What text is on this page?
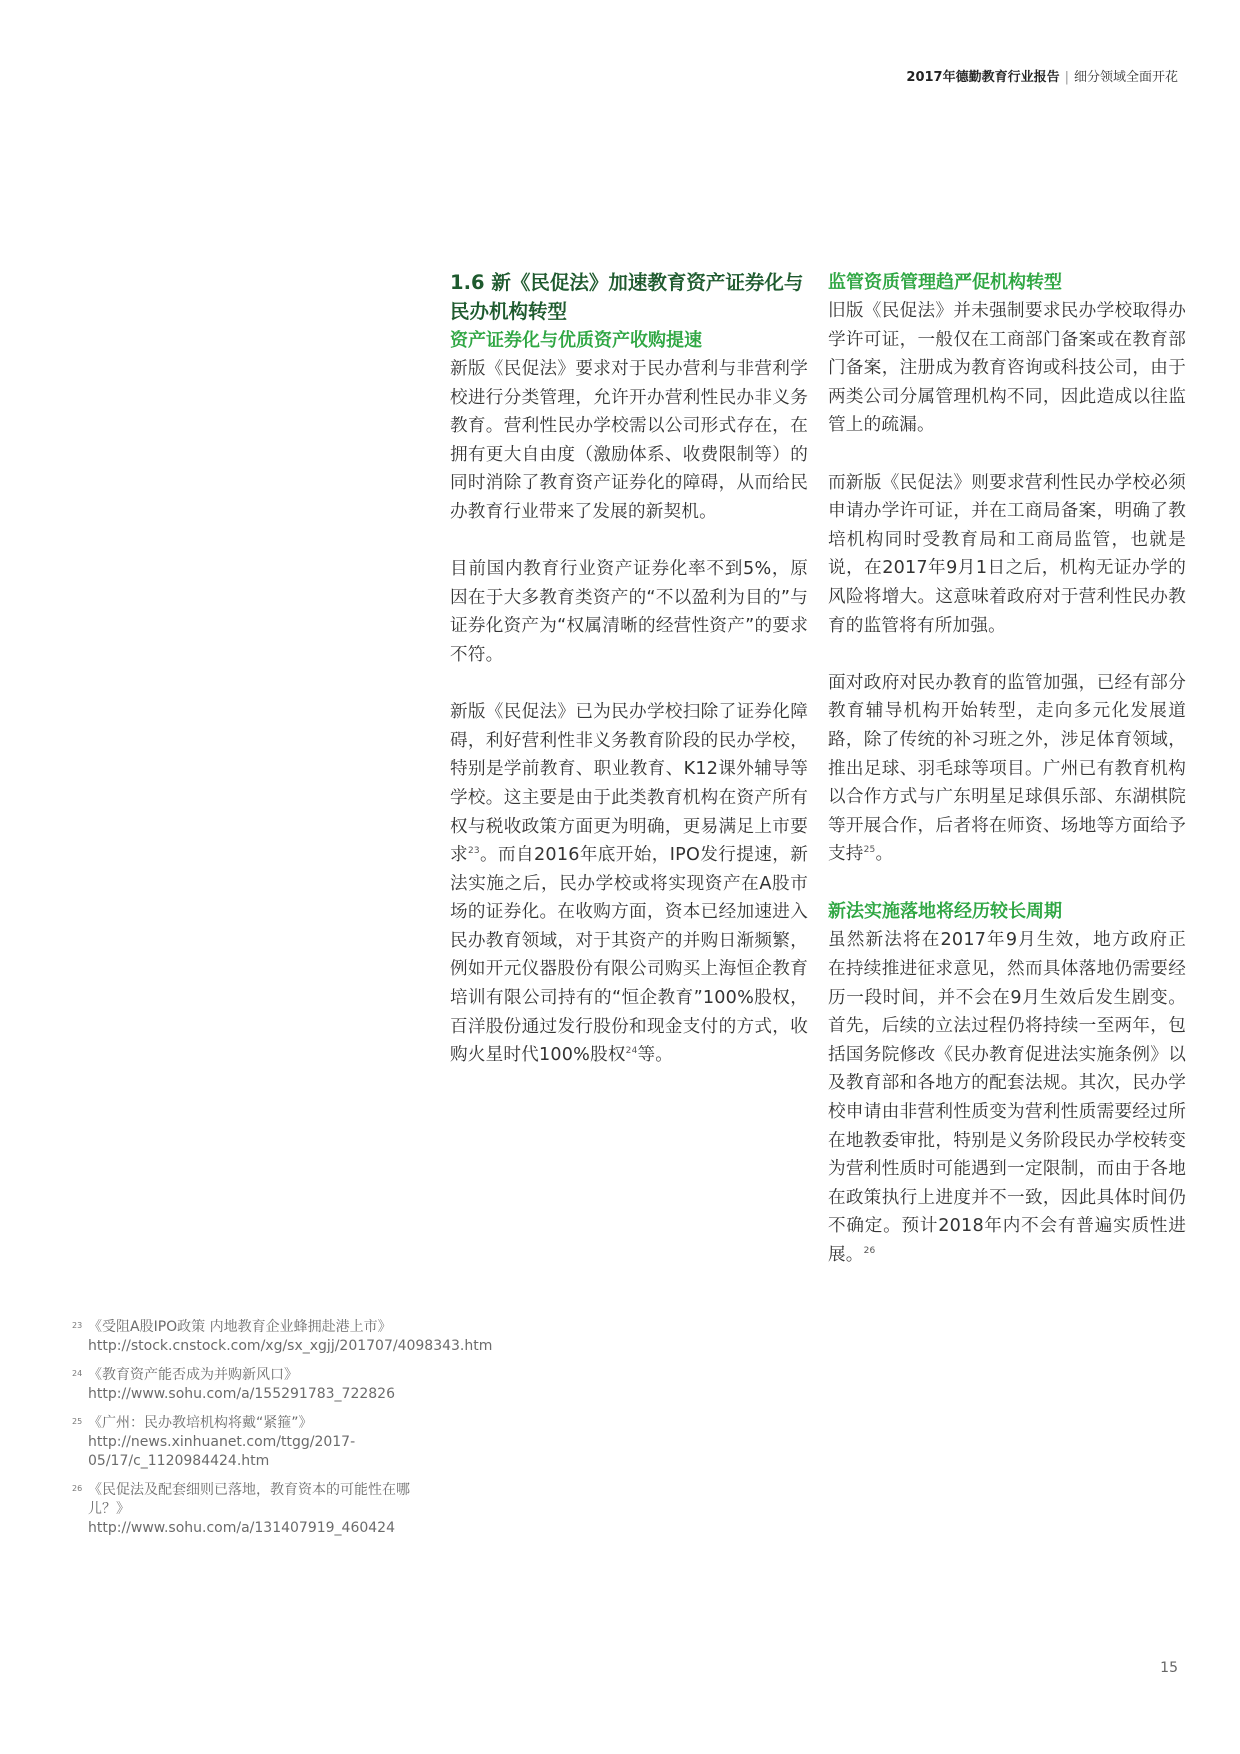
2017年德勤教育行业报告 | 细分领域全面开花
1.6 新《民促法》加速教育资产证券化与民办机构转型
资产证券化与优质资产收购提速

新版《民促法》要求对于民办营利与非营利学校进行分类管理，允许开办营利性民办非义务教育。营利性民办学校需以公司形式存在，在拥有更大自由度（激励体系、收费限制等）的同时消除了教育资产证券化的障碍，从而给民办教育行业带来了发展的新契机。

目前国内教育行业资产证券化率不到5%，原因在于大多教育类资产的“不以盈利为目的”与证券化资产为“权属清晰的经营性资产”的要求不符。

新版《民促法》已为民办学校扫除了证券化障碍，利好营利性非义务教育阶段的民办学校，特别是学前教育、职业教育、K12课外辅导等学校。这主要是由于此类教育机构在资产所有权与税收政策方面更为明确，更易满足上市要求$^{23}$。而自2016年底开始，IPO发行提速，新法实施之后，民办学校或将实现资产在A股市场的证券化。在收购方面，资本已经加速进入民办教育领域，对于其资产的并购日渐频繁，例如开元仪器股份有限公司购买上海恒企教育培训有限公司持有的“恒企教育”100%股权，百洋股份通过发行股份和现金支付的方式，收购火星时代100%股权$^{24}$等。

监管资质管理趋严促机构转型

旧版《民促法》并未强制要求民办学校取得办学许可证，一般仅在工商部门备案或在教育部门备案，注册成为教育咨询或科技公司，由于两类公司分属管理机构不同，因此造成以往监管上的疏漏。

而新版《民促法》则要求营利性民办学校必须申请办学许可证，并在工商局备案，明确了教培机构同时受教育局和工商局监管，也就是说，在2017年9月1日之后，机构无证办学的风险将增大。这意味着政府对于营利性民办教育的监管将有所加强。

面对政府对民办教育的监管加强，已经有部分教育辅导机构开始转型，走向多元化发展道路，除了传统的补习班之外，涉足体育领域，推出足球、羽毛球等项目。广州已有教育机构以合作方式与广东明星足球俱乐部、东湖棋院等开展合作，后者将在师资、场地等方面给予支持$^{25}$。

新法实施落地将经历较长周期

虽然新法将在2017年9月生效，地方政府正在持续推进征求意见，然而具体落地仍需要经历一段时间，并不会在9月生效后发生剧变。首先，后续的立法过程仍将持续一至两年，包括国务院修改《民办教育促进法实施条例》以及教育部和各地方的配套法规。其次，民办学校申请由非营利性质变为营利性质需要经过所在地教委审批，特别是义务阶段民办学校转变为营利性质时可能遇到一定限制，而由于各地在政策执行上进度并不一致，因此具体时间仍不确定。预计2018年内不会有普遍实质性进展。$^{26}$

23 《受阻A股IPO政策 内地教育企业蜂拥赴港上市》http://stock.cnstock.com/xg/sx_xgjj/201707/4098343.htm
24 《教育资产能否成为并购新风口》http://www.sohu.com/a/155291783_722826
25 《广州：民办教培机构将戴“紧箍”》http://news.xinhuanet.com/ttgg/2017-05/17/c_1120984424.htm
26 《民促法及配套细则已落地，教育资本的可能性在哪儿？》http://www.sohu.com/a/131407919_460424
15
